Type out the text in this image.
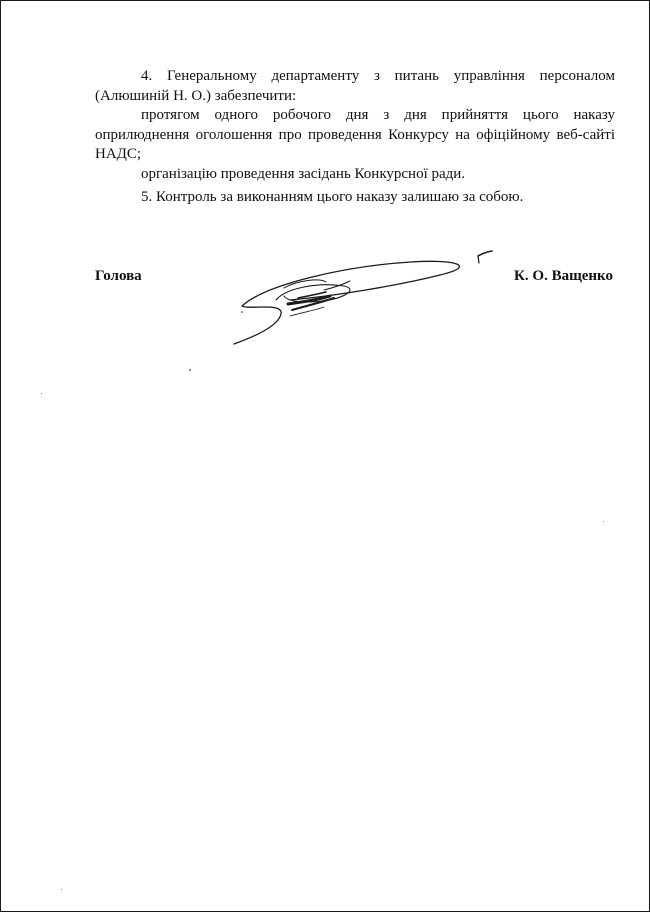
4. Генеральному департаменту з питань управління персоналом (Алюшиній Н. О.) забезпечити:

протягом одного робочого дня з дня прийняття цього наказу оприлюднення оголошення про проведення Конкурсу на офіційному веб-сайті НАДС;

організацію проведення засідань Конкурсної ради.

5. Контроль за виконанням цього наказу залишаю за собою.

Голова	К. О. Ващенко
